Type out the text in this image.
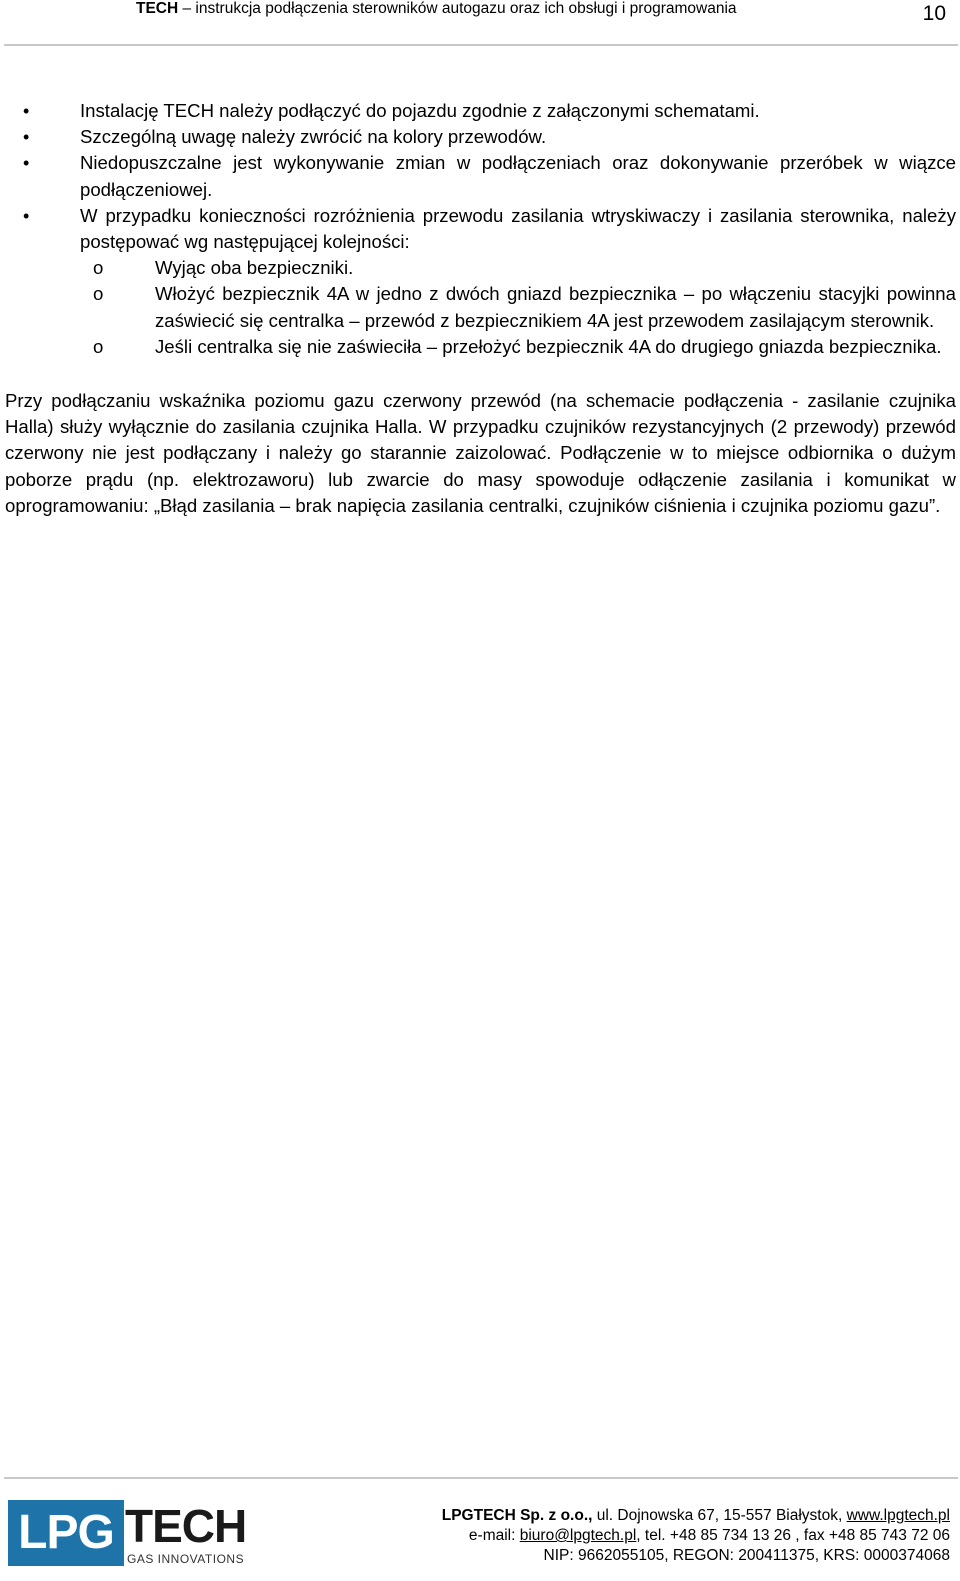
TECH – instrukcja podłączenia sterowników autogazu oraz ich obsługi i programowania	10
• Instalację TECH należy podłączyć do pojazdu zgodnie z załączonymi schematami.
• Szczególną uwagę należy zwrócić na kolory przewodów.
• Niedopuszczalne jest wykonywanie zmian w podłączeniach oraz dokonywanie przeróbek w wiązce podłączeniowej.
• W przypadku konieczności rozróżnienia przewodu zasilania wtryskiwaczy i zasilania sterownika, należy postępować wg następującej kolejności:
o Wyjąc oba bezpieczniki.
o Włożyć bezpiecznik 4A w jedno z dwóch gniazd bezpiecznika – po włączeniu stacyjki powinna zaświecić się centralka – przewód z bezpiecznikiem 4A jest przewodem zasilającym sterownik.
o Jeśli centralka się nie zaświeciła – przełożyć bezpiecznik 4A do drugiego gniazda bezpiecznika.

Przy podłączaniu wskaźnika poziomu gazu czerwony przewód (na schemacie podłączenia - zasilanie czujnika Halla) służy wyłącznie do zasilania czujnika Halla. W przypadku czujników rezystancyjnych (2 przewody) przewód czerwony nie jest podłączany i należy go starannie zaizolować. Podłączenie w to miejsce odbiornika o dużym poborze prądu (np. elektrozaworu) lub zwarcie do masy spowoduje odłączenie zasilania i komunikat w oprogramowaniu: „Błąd zasilania – brak napięcia zasilania centralki, czujników ciśnienia i czujnika poziomu gazu”.

LPG TECH
GAS INNOVATIONS
LPGTECH Sp. z o.o., ul. Dojnowska 67, 15-557 Białystok, www.lpgtech.pl
e-mail: biuro@lpgtech.pl, tel. +48 85 734 13 26 , fax +48 85 743 72 06
NIP: 9662055105, REGON: 200411375, KRS: 0000374068
